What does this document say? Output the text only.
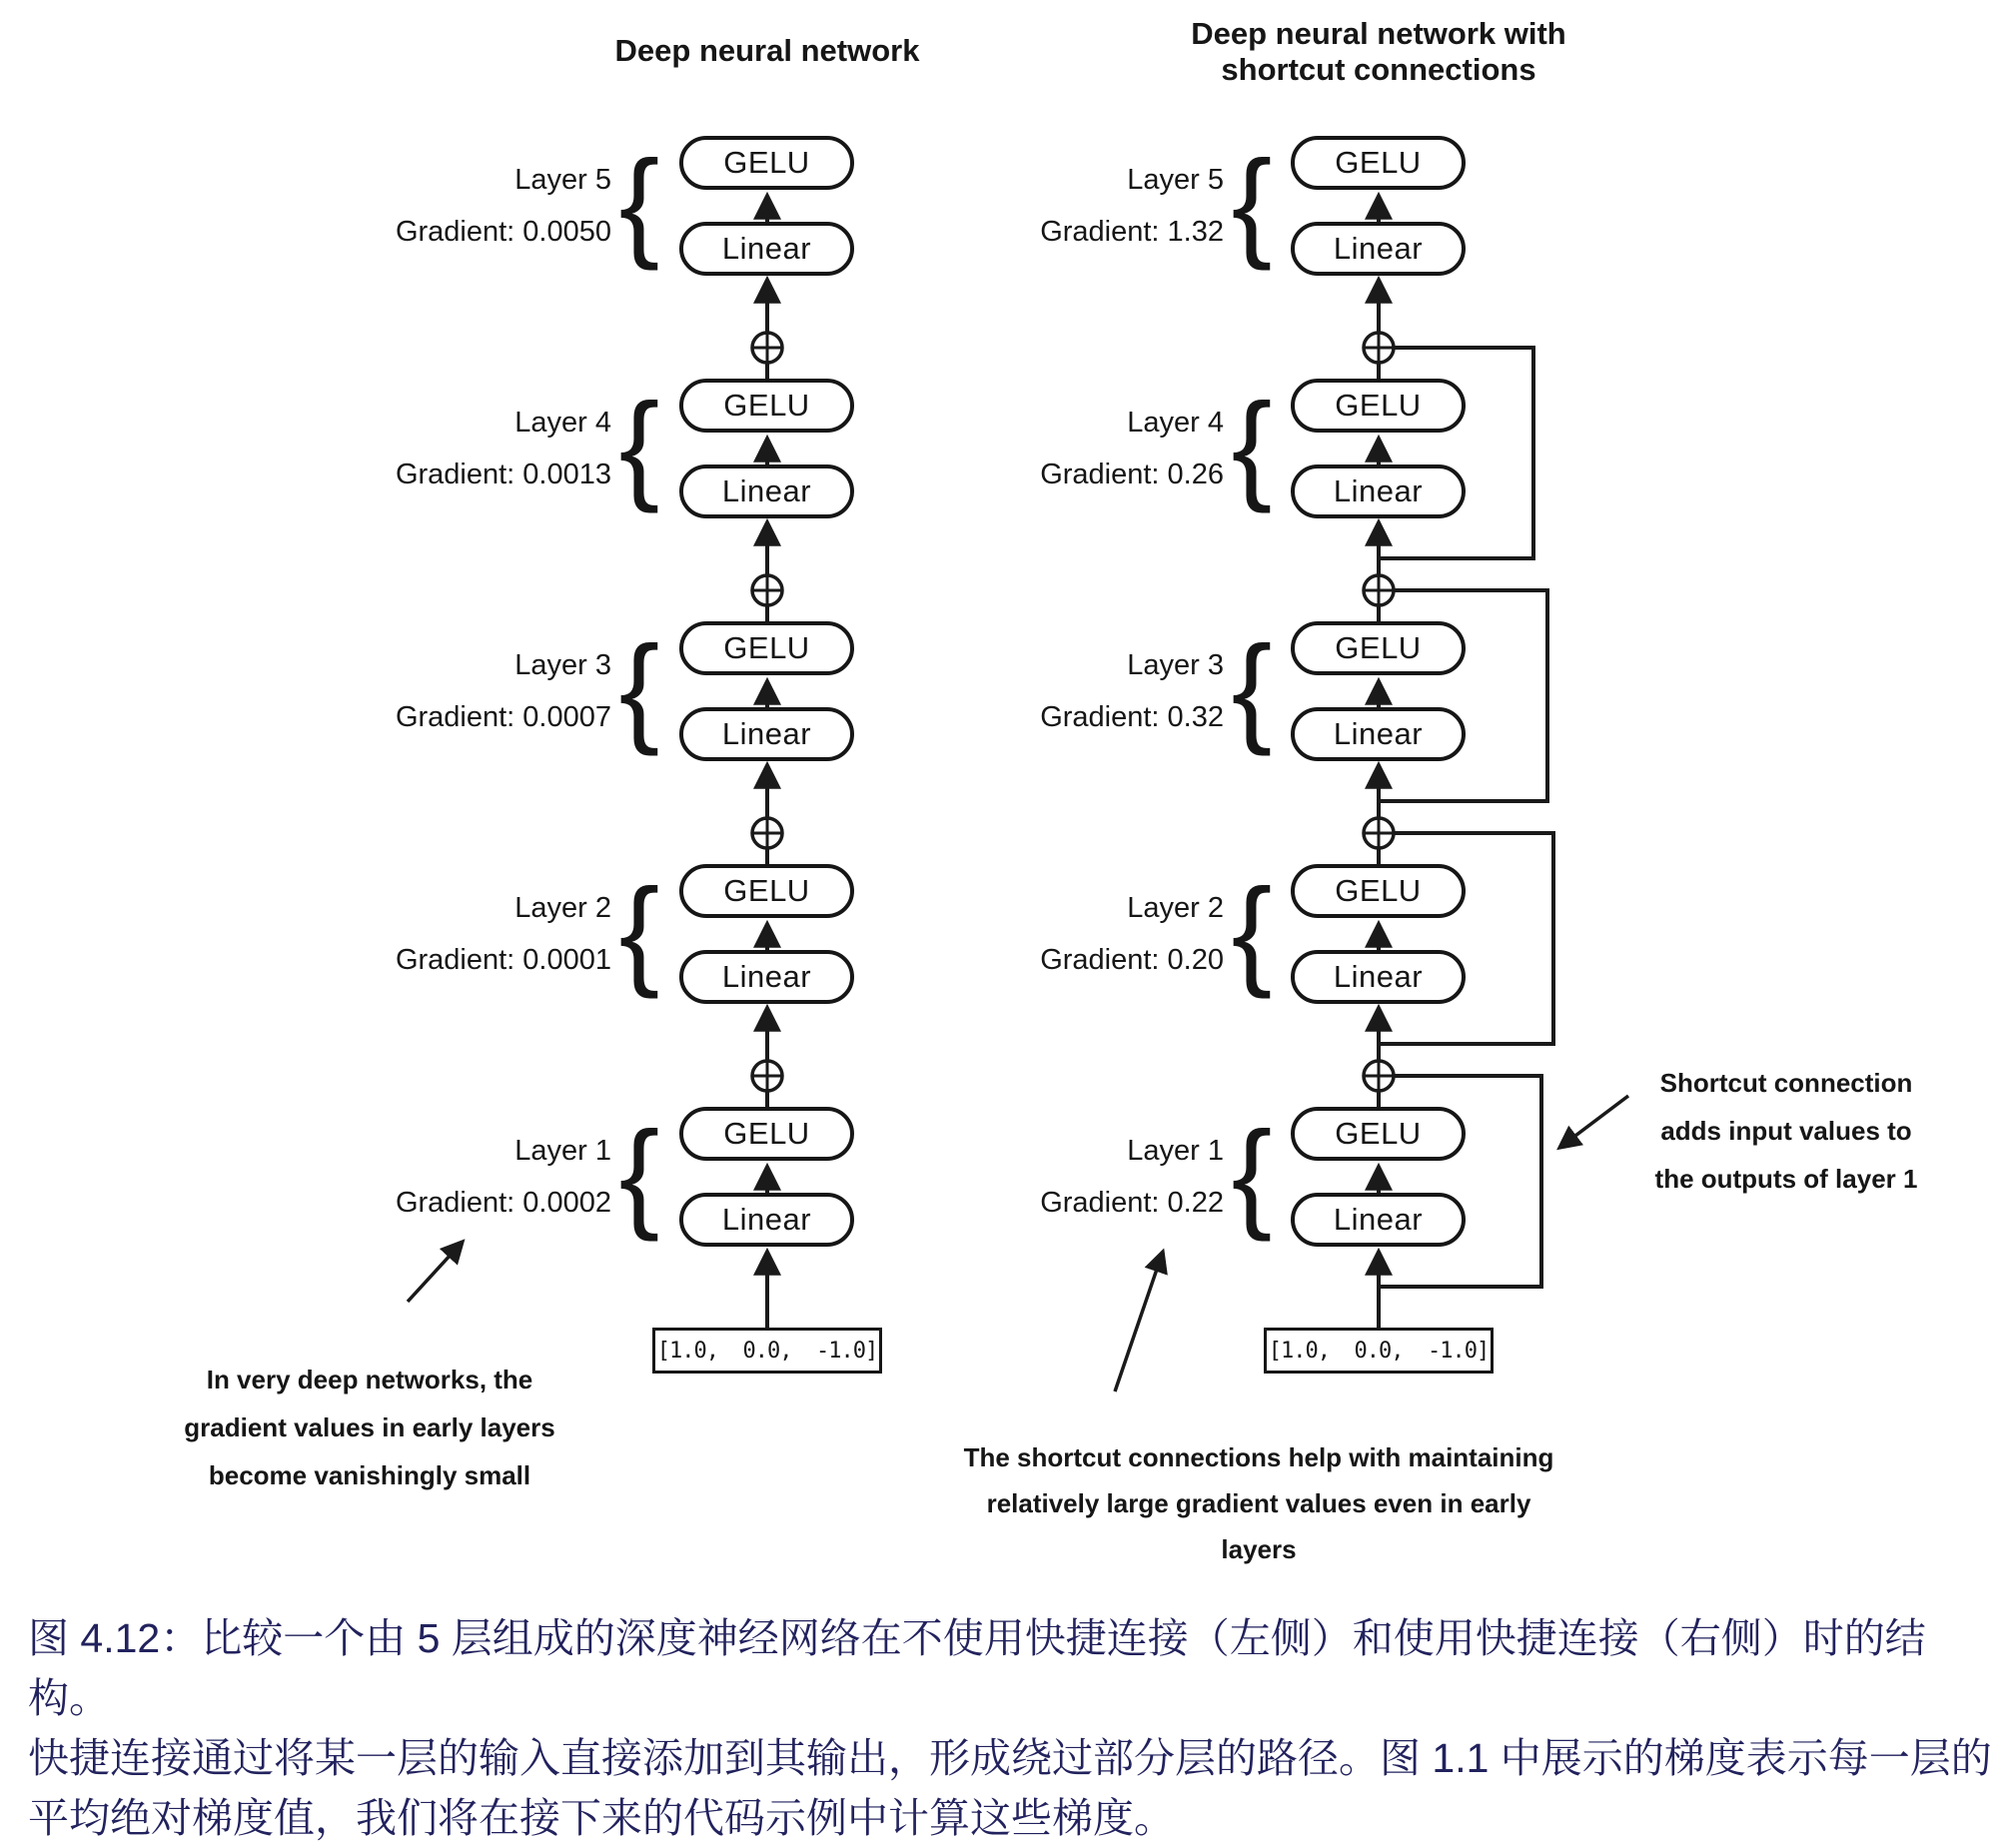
Deep neural network	Deep neural network with
shortcut connections
GELU
Linear
GELU
Linear
GELU
Linear
GELU
Linear
GELU
Linear
[1.0,  0.0,  -1.0]
Layer 5
Gradient: 0.0050 {
Layer 4
Gradient: 0.0013 {
Layer 3
Gradient: 0.0007 {
Layer 2
Gradient: 0.0001 {
Layer 1
Gradient: 0.0002 {
GELU
Linear
GELU
Linear
GELU
Linear
GELU
Linear
GELU
Linear
[1.0,  0.0,  -1.0]
Layer 5
Gradient: 1.32 {
Layer 4
Gradient: 0.26 {
Layer 3
Gradient: 0.32 {
Layer 2
Gradient: 0.20 {
Layer 1
Gradient: 0.22 {
In very deep networks, the
gradient values in early layers
become vanishingly small
Shortcut connection
adds input values to
the outputs of layer 1
The shortcut connections help with maintaining
relatively large gradient values even in early layers
图 4.12：比较一个由 5 层组成的深度神经网络在不使用快捷连接（左侧）和使用快捷连接（右侧）时的结构。
快捷连接通过将某一层的输入直接添加到其输出，形成绕过部分层的路径。图 1.1 中展示的梯度表示每一层的
平均绝对梯度值，我们将在接下来的代码示例中计算这些梯度。
